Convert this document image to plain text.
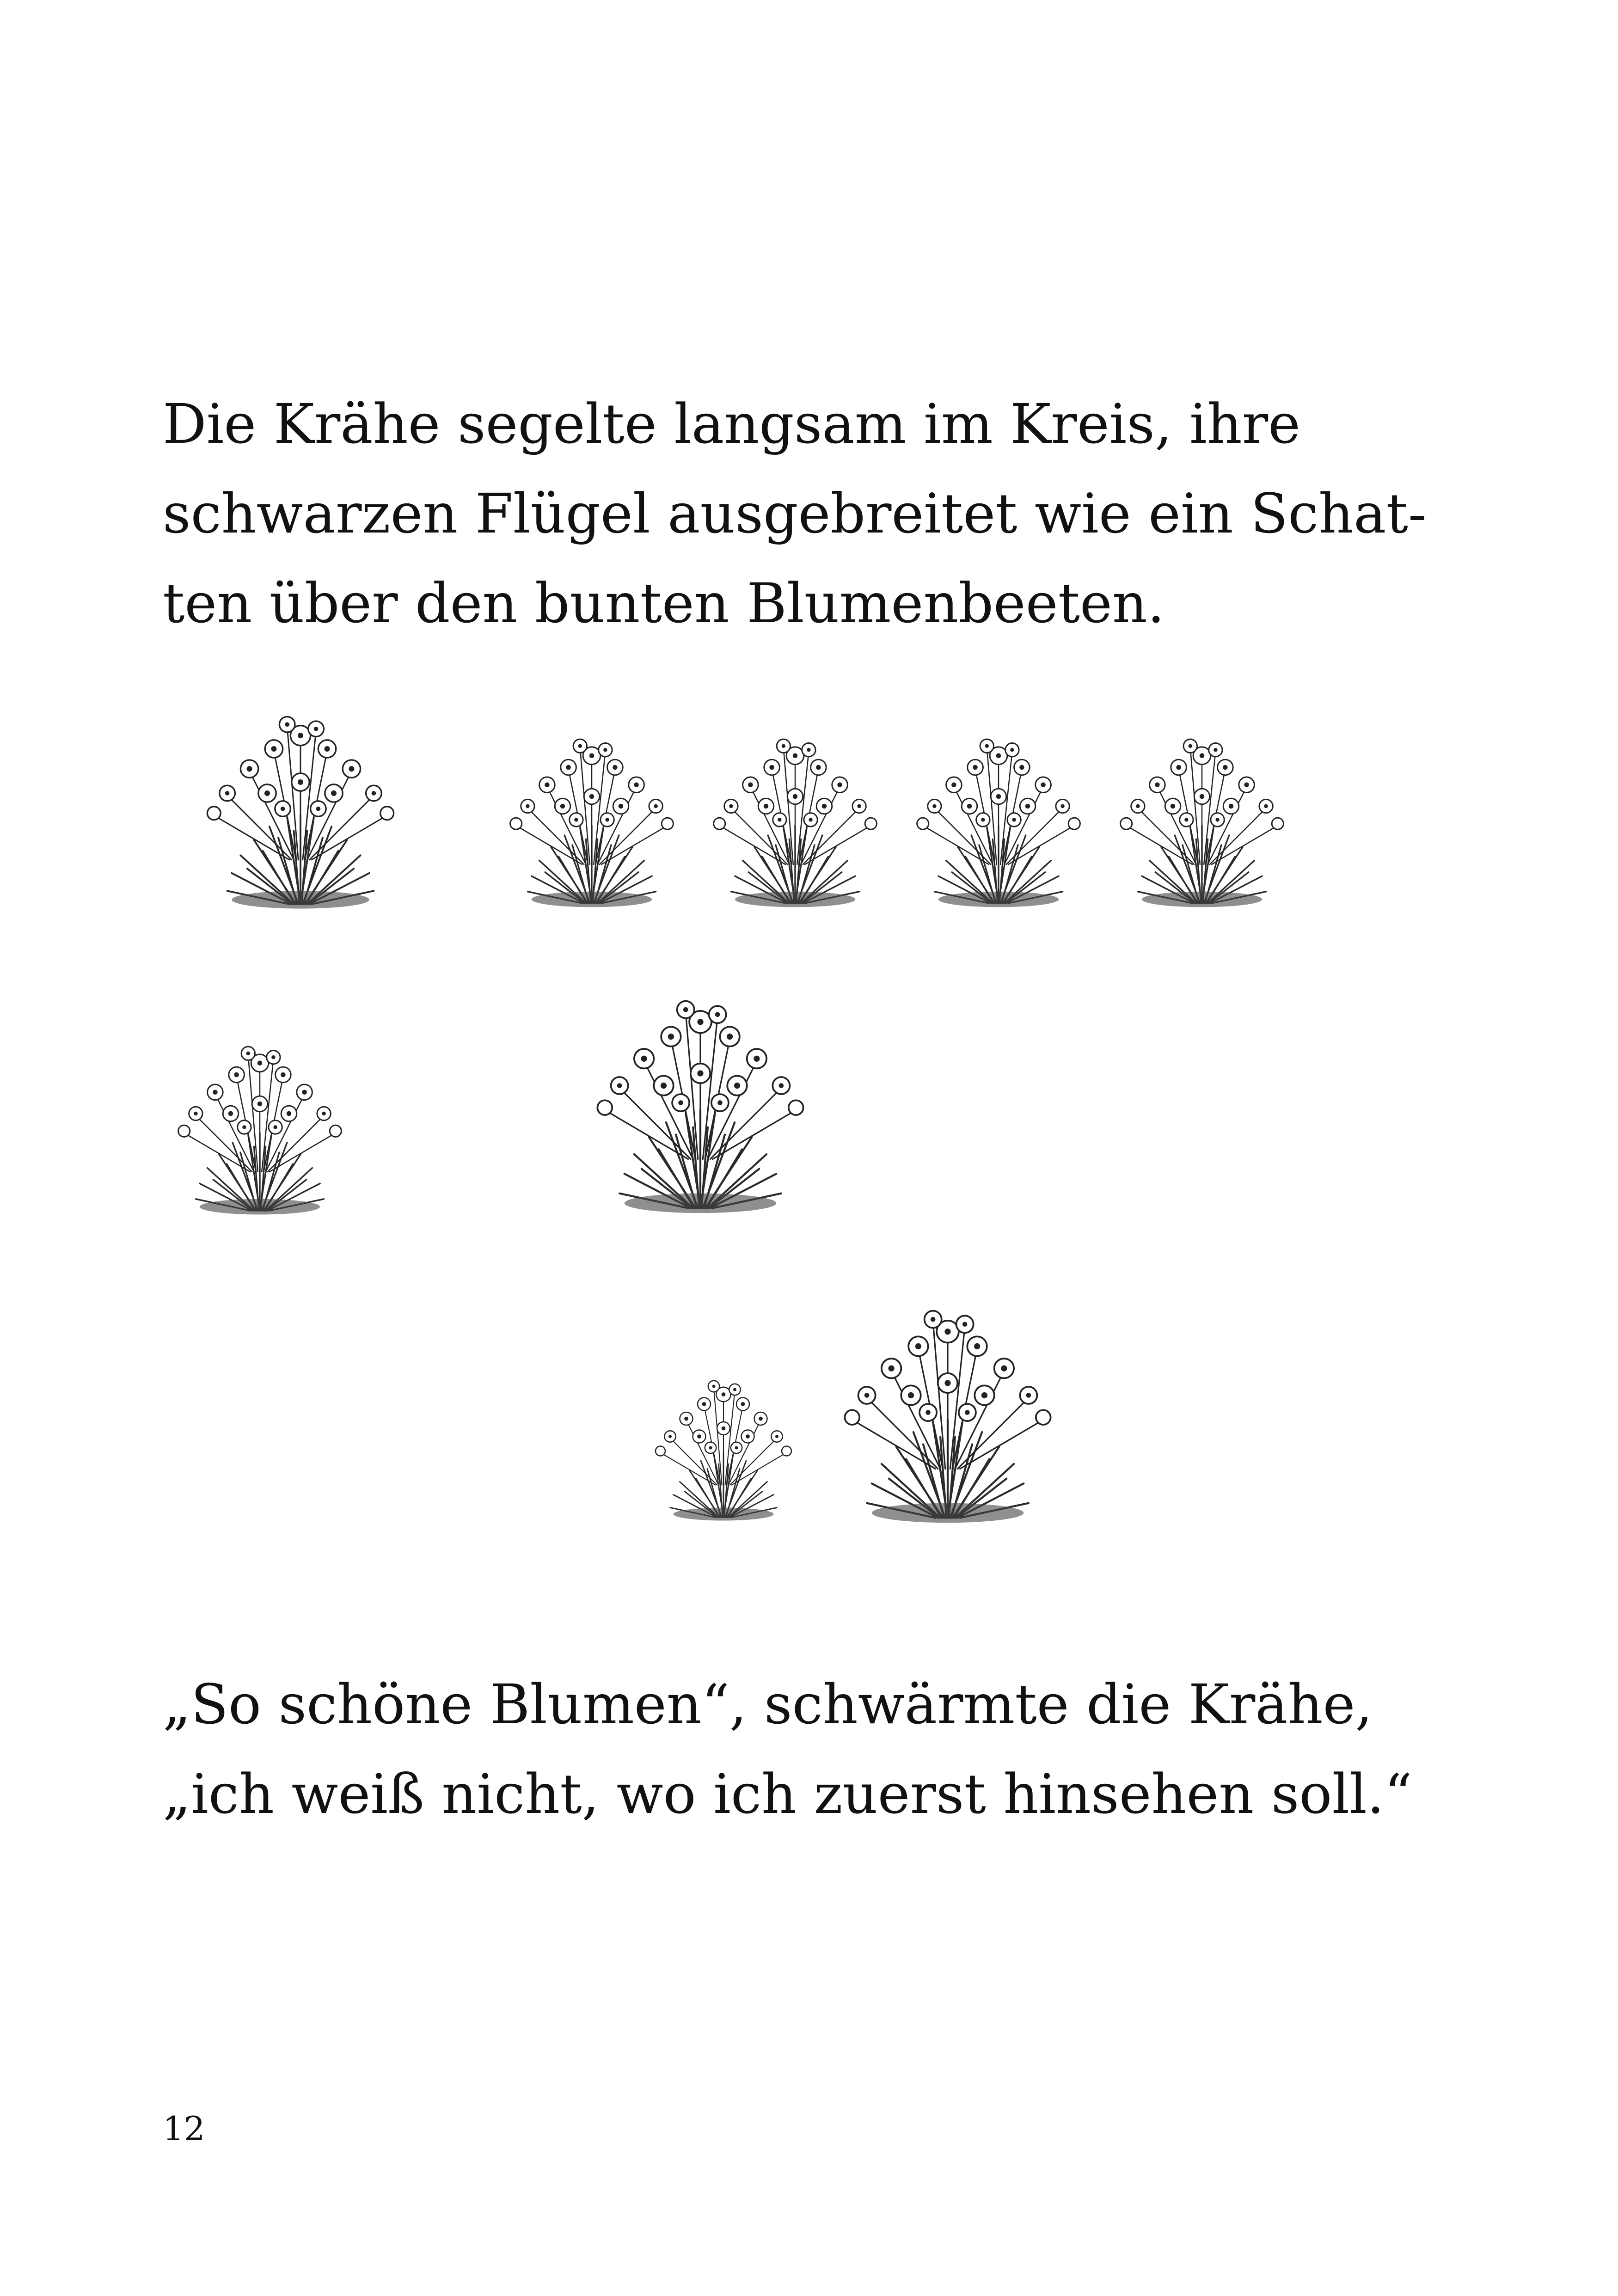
Die Krähe segelte langsam im Kreis, ihre
schwarzen Flügel ausgebreitet wie ein Schat-
ten über den bunten Blumenbeeten.

„So schöne Blumen“, schwärmte die Krähe,
„ich weiß nicht, wo ich zuerst hinsehen soll.“

12
